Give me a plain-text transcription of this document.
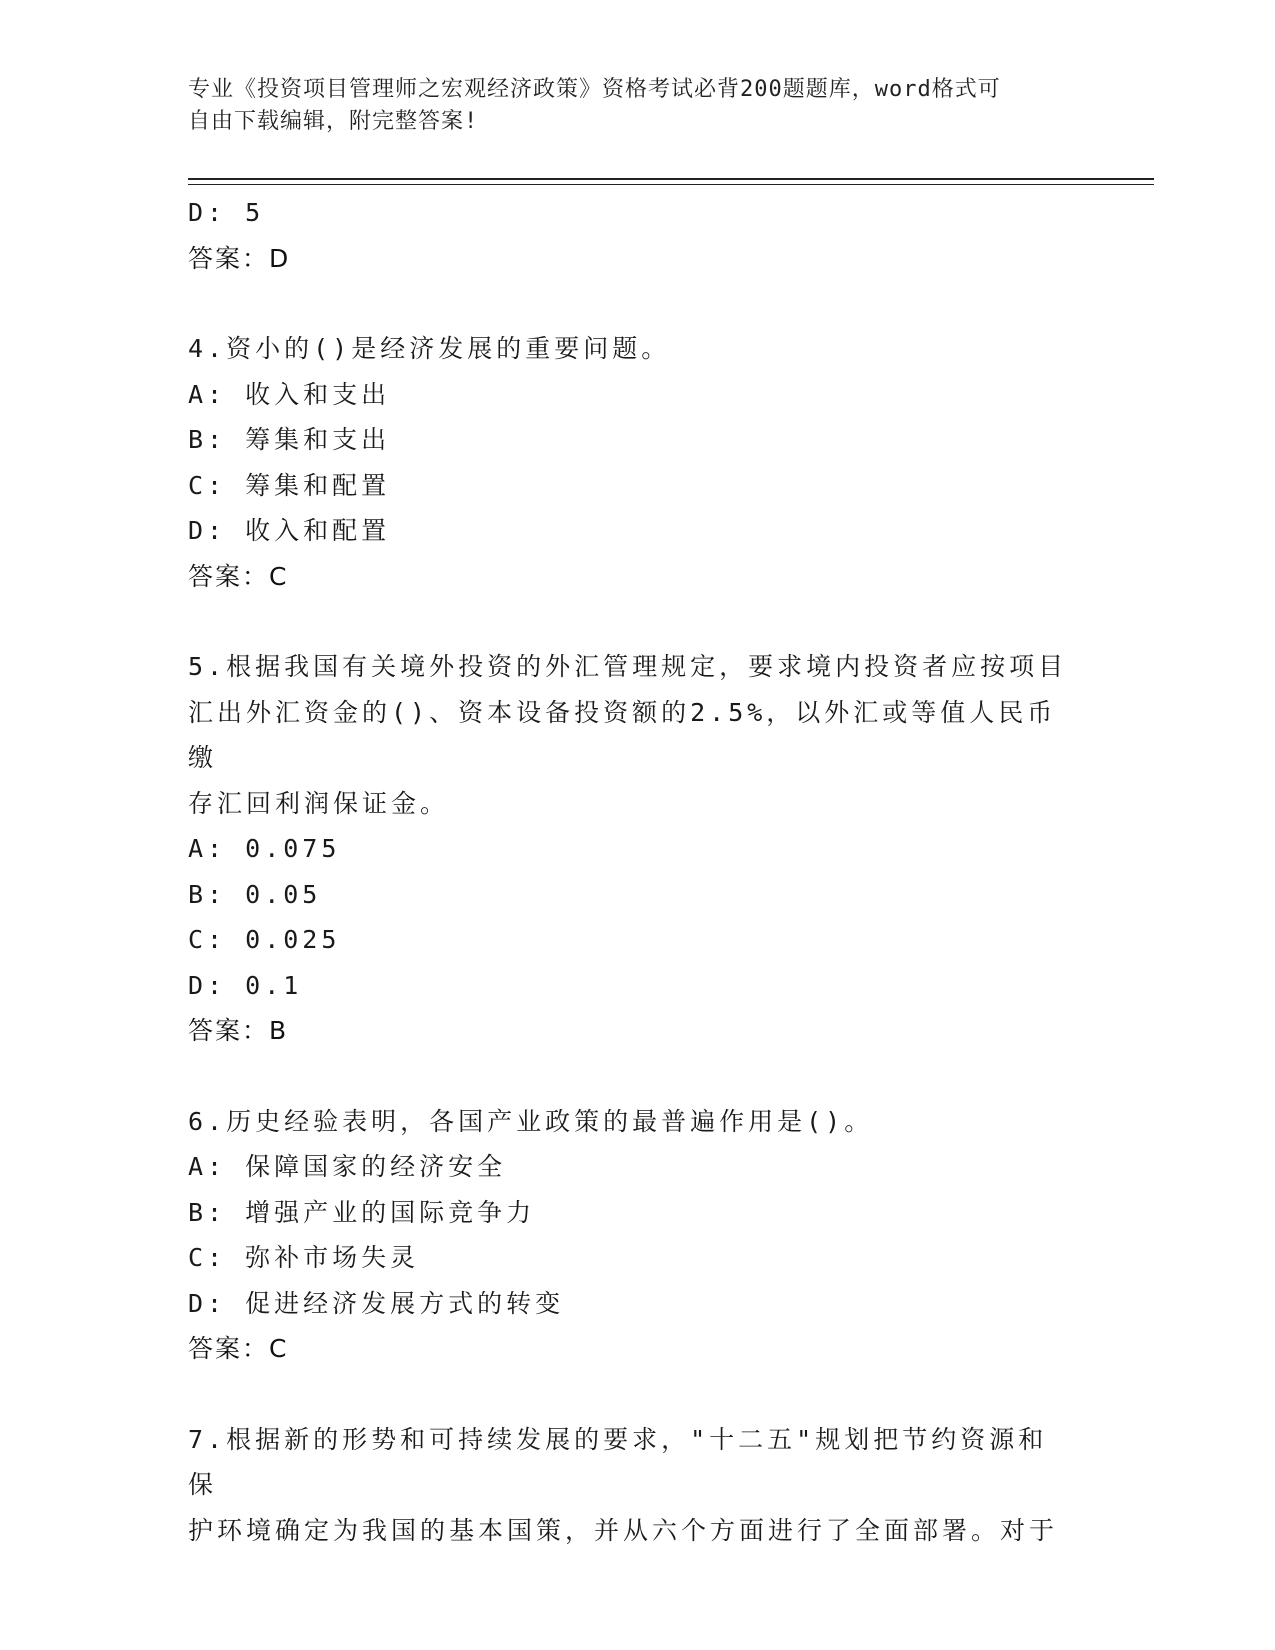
专业《投资项目管理师之宏观经济政策》资格考试必背200题题库，word格式可
自由下载编辑，附完整答案!
D: 5
答案：D
4.资小的()是经济发展的重要问题。
A: 收入和支出
B: 筹集和支出
C: 筹集和配置
D: 收入和配置
答案：C
5.根据我国有关境外投资的外汇管理规定，要求境内投资者应按项目
汇出外汇资金的()、资本设备投资额的2.5%，以外汇或等值人民币缴
存汇回利润保证金。
A: 0.075
B: 0.05
C: 0.025
D: 0.1
答案：B
6.历史经验表明，各国产业政策的最普遍作用是()。
A: 保障国家的经济安全
B: 增强产业的国际竞争力
C: 弥补市场失灵
D: 促进经济发展方式的转变
答案：C
7.根据新的形势和可持续发展的要求，"十二五"规划把节约资源和保
护环境确定为我国的基本国策，并从六个方面进行了全面部署。对于
